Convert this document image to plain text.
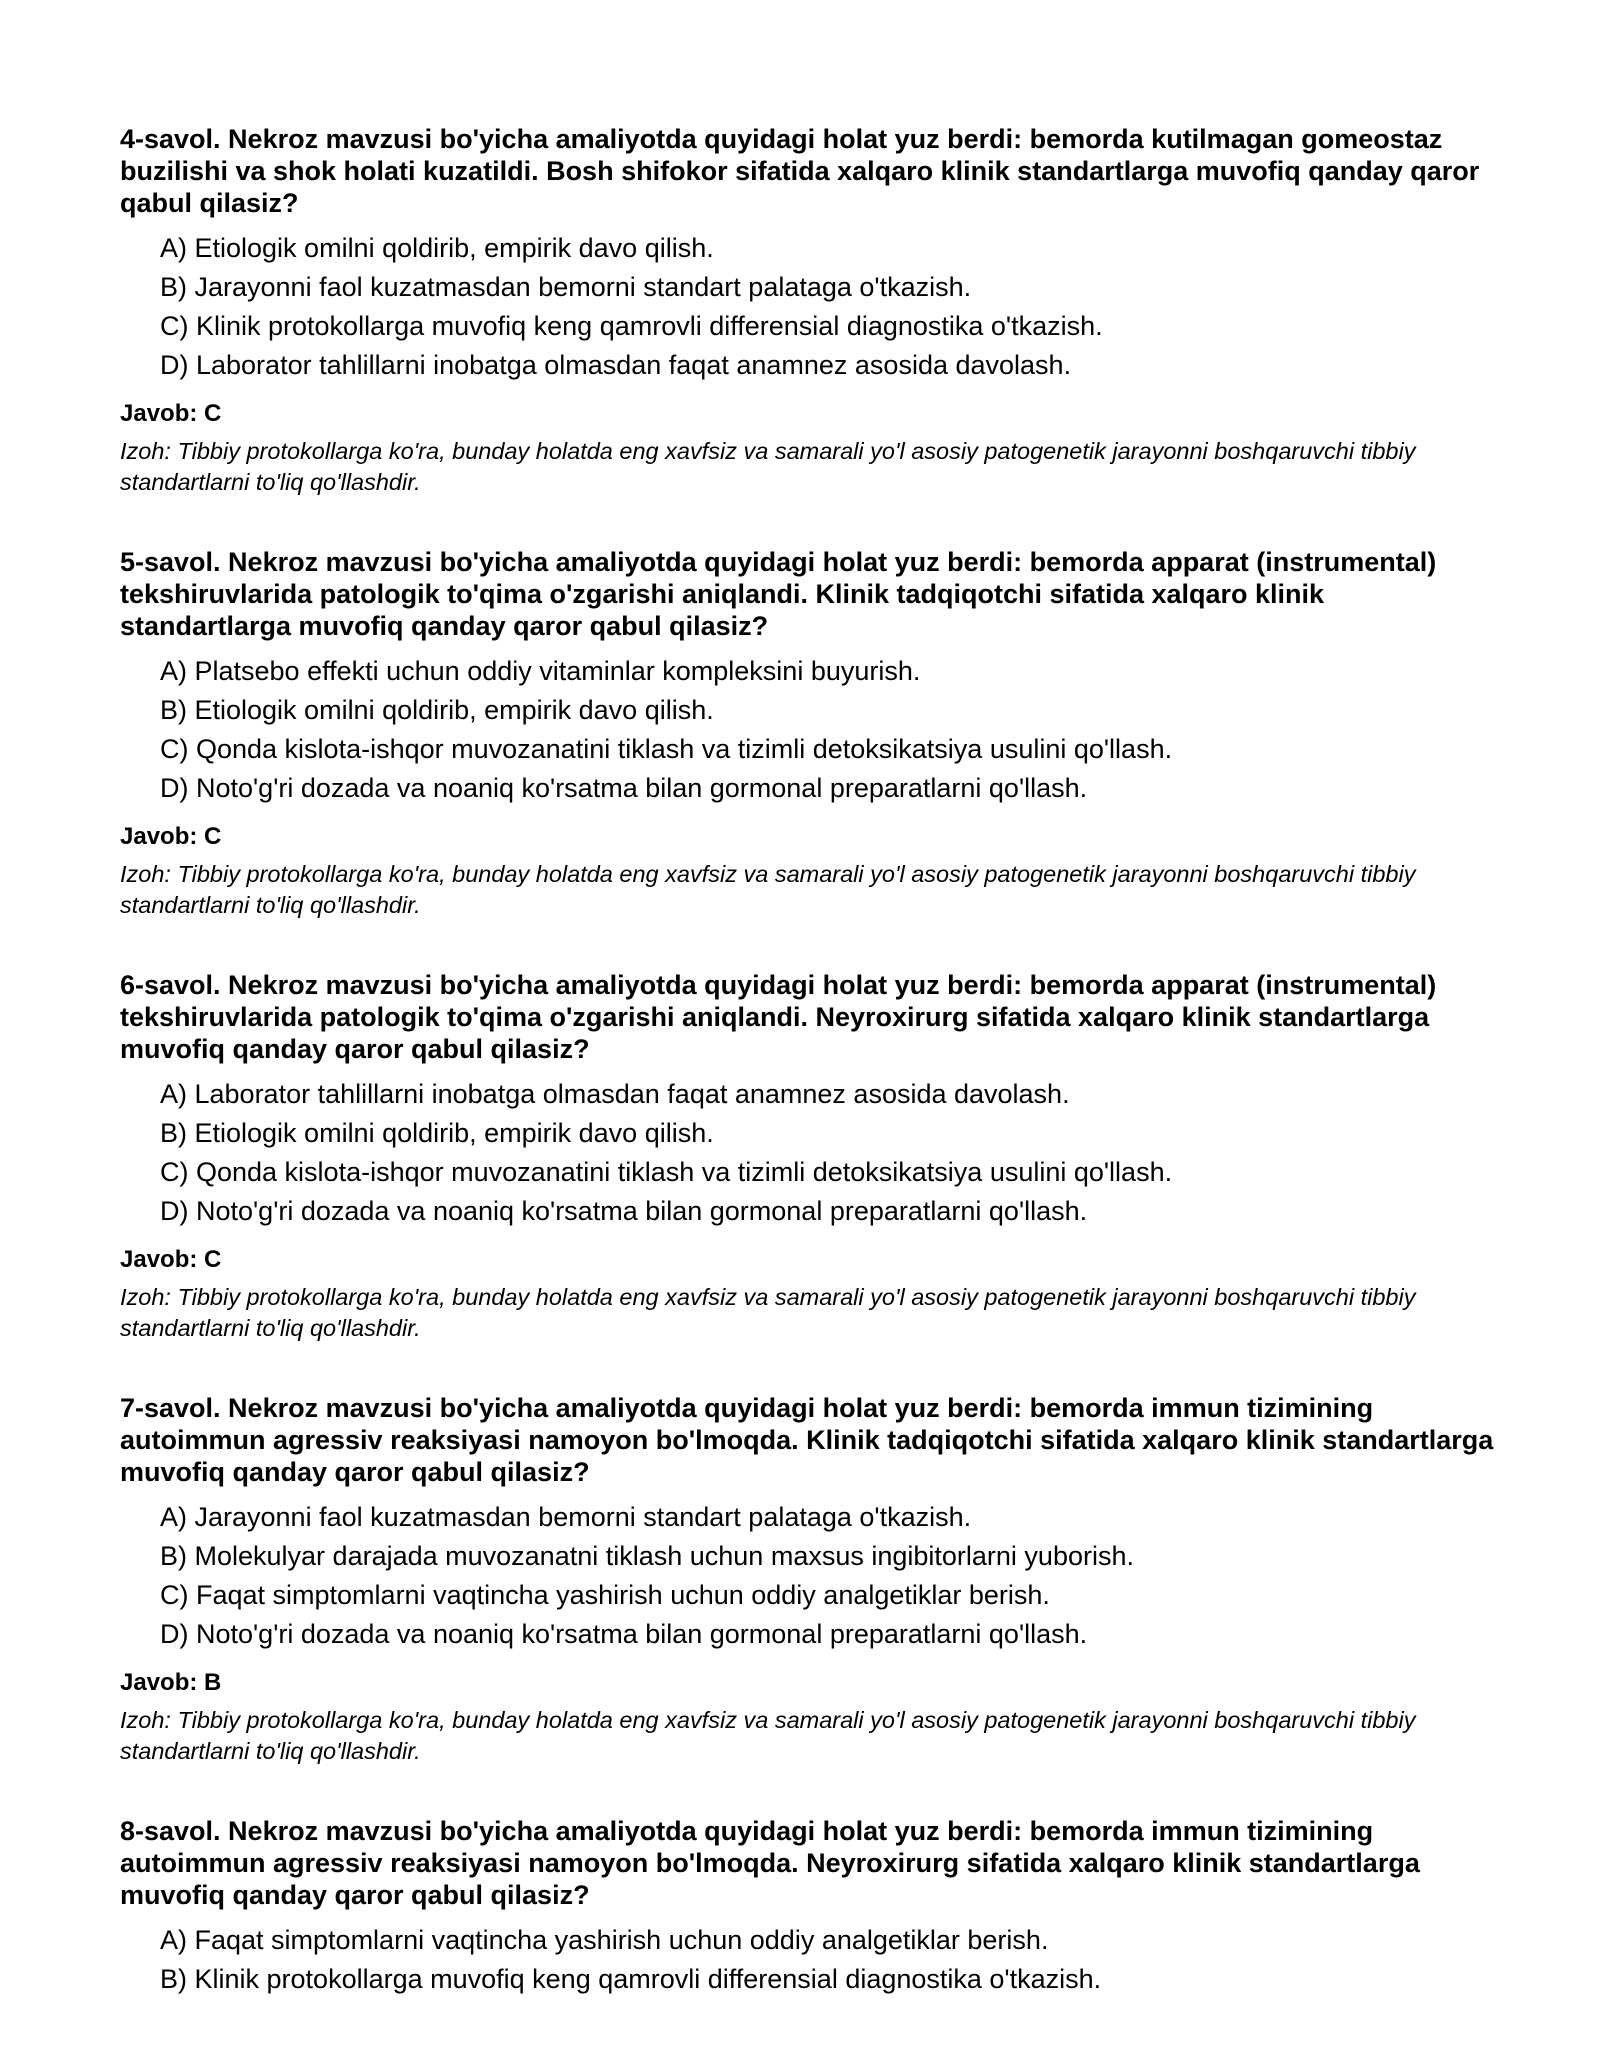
4-savol. Nekroz mavzusi bo'yicha amaliyotda quyidagi holat yuz berdi: bemorda kutilmagan gomeostaz buzilishi va shok holati kuzatildi. Bosh shifokor sifatida xalqaro klinik standartlarga muvofiq qanday qaror qabul qilasiz?

A) Etiologik omilni qoldirib, empirik davo qilish.
B) Jarayonni faol kuzatmasdan bemorni standart palataga o'tkazish.
C) Klinik protokollarga muvofiq keng qamrovli differensial diagnostika o'tkazish.
D) Laborator tahlillarni inobatga olmasdan faqat anamnez asosida davolash.

Javob: C

Izoh: Tibbiy protokollarga ko'ra, bunday holatda eng xavfsiz va samarali yo'l asosiy patogenetik jarayonni boshqaruvchi tibbiy standartlarni to'liq qo'llashdir.

5-savol. Nekroz mavzusi bo'yicha amaliyotda quyidagi holat yuz berdi: bemorda apparat (instrumental) tekshiruvlarida patologik to'qima o'zgarishi aniqlandi. Klinik tadqiqotchi sifatida xalqaro klinik standartlarga muvofiq qanday qaror qabul qilasiz?

A) Platsebo effekti uchun oddiy vitaminlar kompleksini buyurish.
B) Etiologik omilni qoldirib, empirik davo qilish.
C) Qonda kislota-ishqor muvozanatini tiklash va tizimli detoksikatsiya usulini qo'llash.
D) Noto'g'ri dozada va noaniq ko'rsatma bilan gormonal preparatlarni qo'llash.

Javob: C

Izoh: Tibbiy protokollarga ko'ra, bunday holatda eng xavfsiz va samarali yo'l asosiy patogenetik jarayonni boshqaruvchi tibbiy standartlarni to'liq qo'llashdir.

6-savol. Nekroz mavzusi bo'yicha amaliyotda quyidagi holat yuz berdi: bemorda apparat (instrumental) tekshiruvlarida patologik to'qima o'zgarishi aniqlandi. Neyroxirurg sifatida xalqaro klinik standartlarga muvofiq qanday qaror qabul qilasiz?

A) Laborator tahlillarni inobatga olmasdan faqat anamnez asosida davolash.
B) Etiologik omilni qoldirib, empirik davo qilish.
C) Qonda kislota-ishqor muvozanatini tiklash va tizimli detoksikatsiya usulini qo'llash.
D) Noto'g'ri dozada va noaniq ko'rsatma bilan gormonal preparatlarni qo'llash.

Javob: C

Izoh: Tibbiy protokollarga ko'ra, bunday holatda eng xavfsiz va samarali yo'l asosiy patogenetik jarayonni boshqaruvchi tibbiy standartlarni to'liq qo'llashdir.

7-savol. Nekroz mavzusi bo'yicha amaliyotda quyidagi holat yuz berdi: bemorda immun tizimining autoimmun agressiv reaksiyasi namoyon bo'lmoqda. Klinik tadqiqotchi sifatida xalqaro klinik standartlarga muvofiq qanday qaror qabul qilasiz?

A) Jarayonni faol kuzatmasdan bemorni standart palataga o'tkazish.
B) Molekulyar darajada muvozanatni tiklash uchun maxsus ingibitorlarni yuborish.
C) Faqat simptomlarni vaqtincha yashirish uchun oddiy analgetiklar berish.
D) Noto'g'ri dozada va noaniq ko'rsatma bilan gormonal preparatlarni qo'llash.

Javob: B

Izoh: Tibbiy protokollarga ko'ra, bunday holatda eng xavfsiz va samarali yo'l asosiy patogenetik jarayonni boshqaruvchi tibbiy standartlarni to'liq qo'llashdir.

8-savol. Nekroz mavzusi bo'yicha amaliyotda quyidagi holat yuz berdi: bemorda immun tizimining autoimmun agressiv reaksiyasi namoyon bo'lmoqda. Neyroxirurg sifatida xalqaro klinik standartlarga muvofiq qanday qaror qabul qilasiz?

A) Faqat simptomlarni vaqtincha yashirish uchun oddiy analgetiklar berish.
B) Klinik protokollarga muvofiq keng qamrovli differensial diagnostika o'tkazish.
